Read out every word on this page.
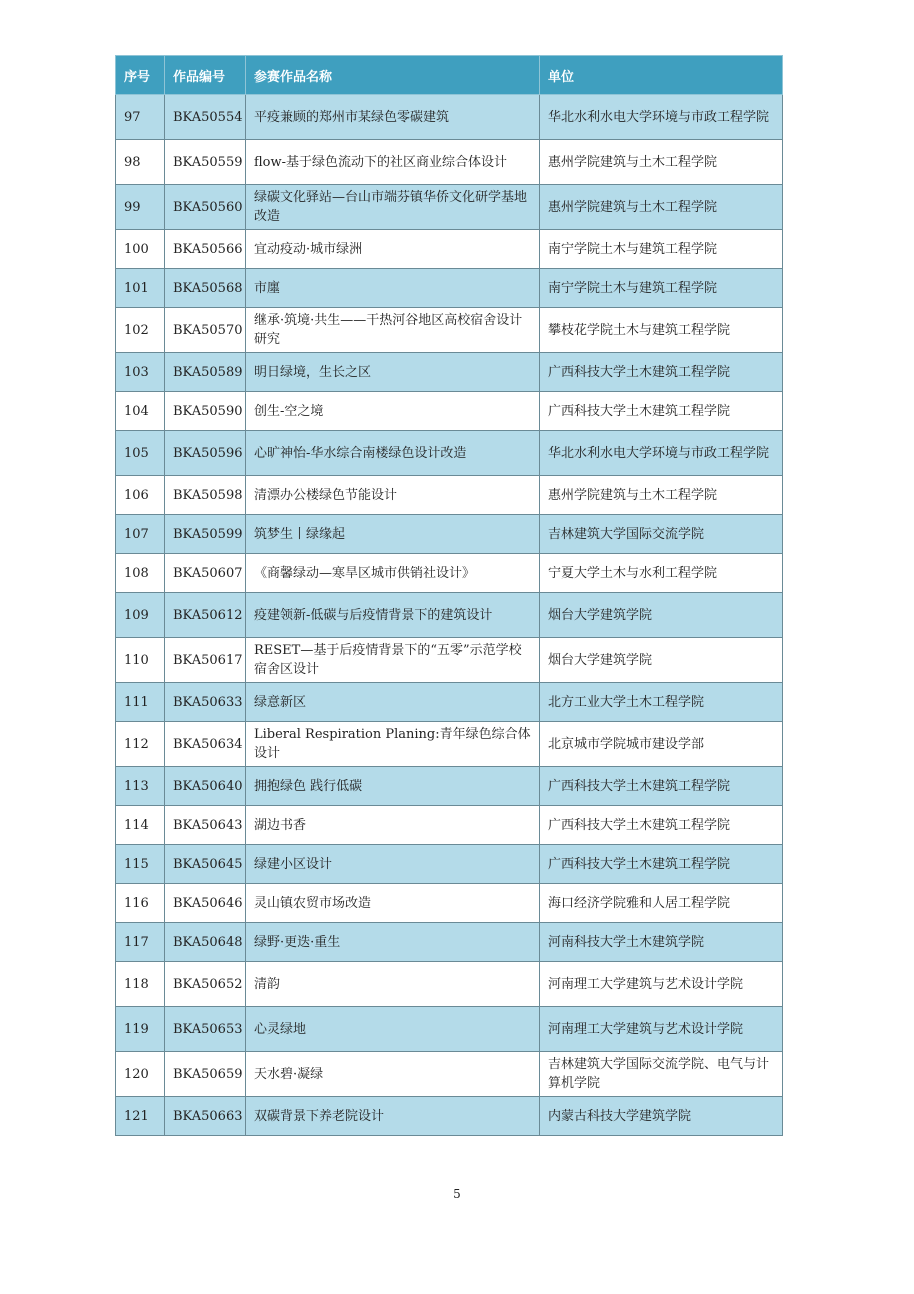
序号	作品编号	参赛作品名称	单位
97	BKA50554	平疫兼顾的郑州市某绿色零碳建筑	华北水利水电大学环境与市政工程学院
98	BKA50559	flow-基于绿色流动下的社区商业综合体设计	惠州学院建筑与土木工程学院
99	BKA50560	绿碳文化驿站—台山市端芬镇华侨文化研学基地改造	惠州学院建筑与土木工程学院
100	BKA50566	宜动疫动·城市绿洲	南宁学院土木与建筑工程学院
101	BKA50568	市廛	南宁学院土木与建筑工程学院
102	BKA50570	继承·筑境·共生——干热河谷地区高校宿舍设计研究	攀枝花学院土木与建筑工程学院
103	BKA50589	明日绿境，生长之区	广西科技大学土木建筑工程学院
104	BKA50590	创生-空之境	广西科技大学土木建筑工程学院
105	BKA50596	心旷神怡-华水综合南楼绿色设计改造	华北水利水电大学环境与市政工程学院
106	BKA50598	清漂办公楼绿色节能设计	惠州学院建筑与土木工程学院
107	BKA50599	筑梦生丨绿缘起	吉林建筑大学国际交流学院
108	BKA50607	《商馨绿动—寒旱区城市供销社设计》	宁夏大学土木与水利工程学院
109	BKA50612	疫建领新-低碳与后疫情背景下的建筑设计	烟台大学建筑学院
110	BKA50617	RESET—基于后疫情背景下的“五零”示范学校宿舍区设计	烟台大学建筑学院
111	BKA50633	绿意新区	北方工业大学土木工程学院
112	BKA50634	Liberal Respiration Planing:青年绿色综合体设计	北京城市学院城市建设学部
113	BKA50640	拥抱绿色 践行低碳	广西科技大学土木建筑工程学院
114	BKA50643	湖边书香	广西科技大学土木建筑工程学院
115	BKA50645	绿建小区设计	广西科技大学土木建筑工程学院
116	BKA50646	灵山镇农贸市场改造	海口经济学院雅和人居工程学院
117	BKA50648	绿野·更迭·重生	河南科技大学土木建筑学院
118	BKA50652	清韵	河南理工大学建筑与艺术设计学院
119	BKA50653	心灵绿地	河南理工大学建筑与艺术设计学院
120	BKA50659	天水碧·凝绿	吉林建筑大学国际交流学院、电气与计算机学院
121	BKA50663	双碳背景下养老院设计	内蒙古科技大学建筑学院
5
